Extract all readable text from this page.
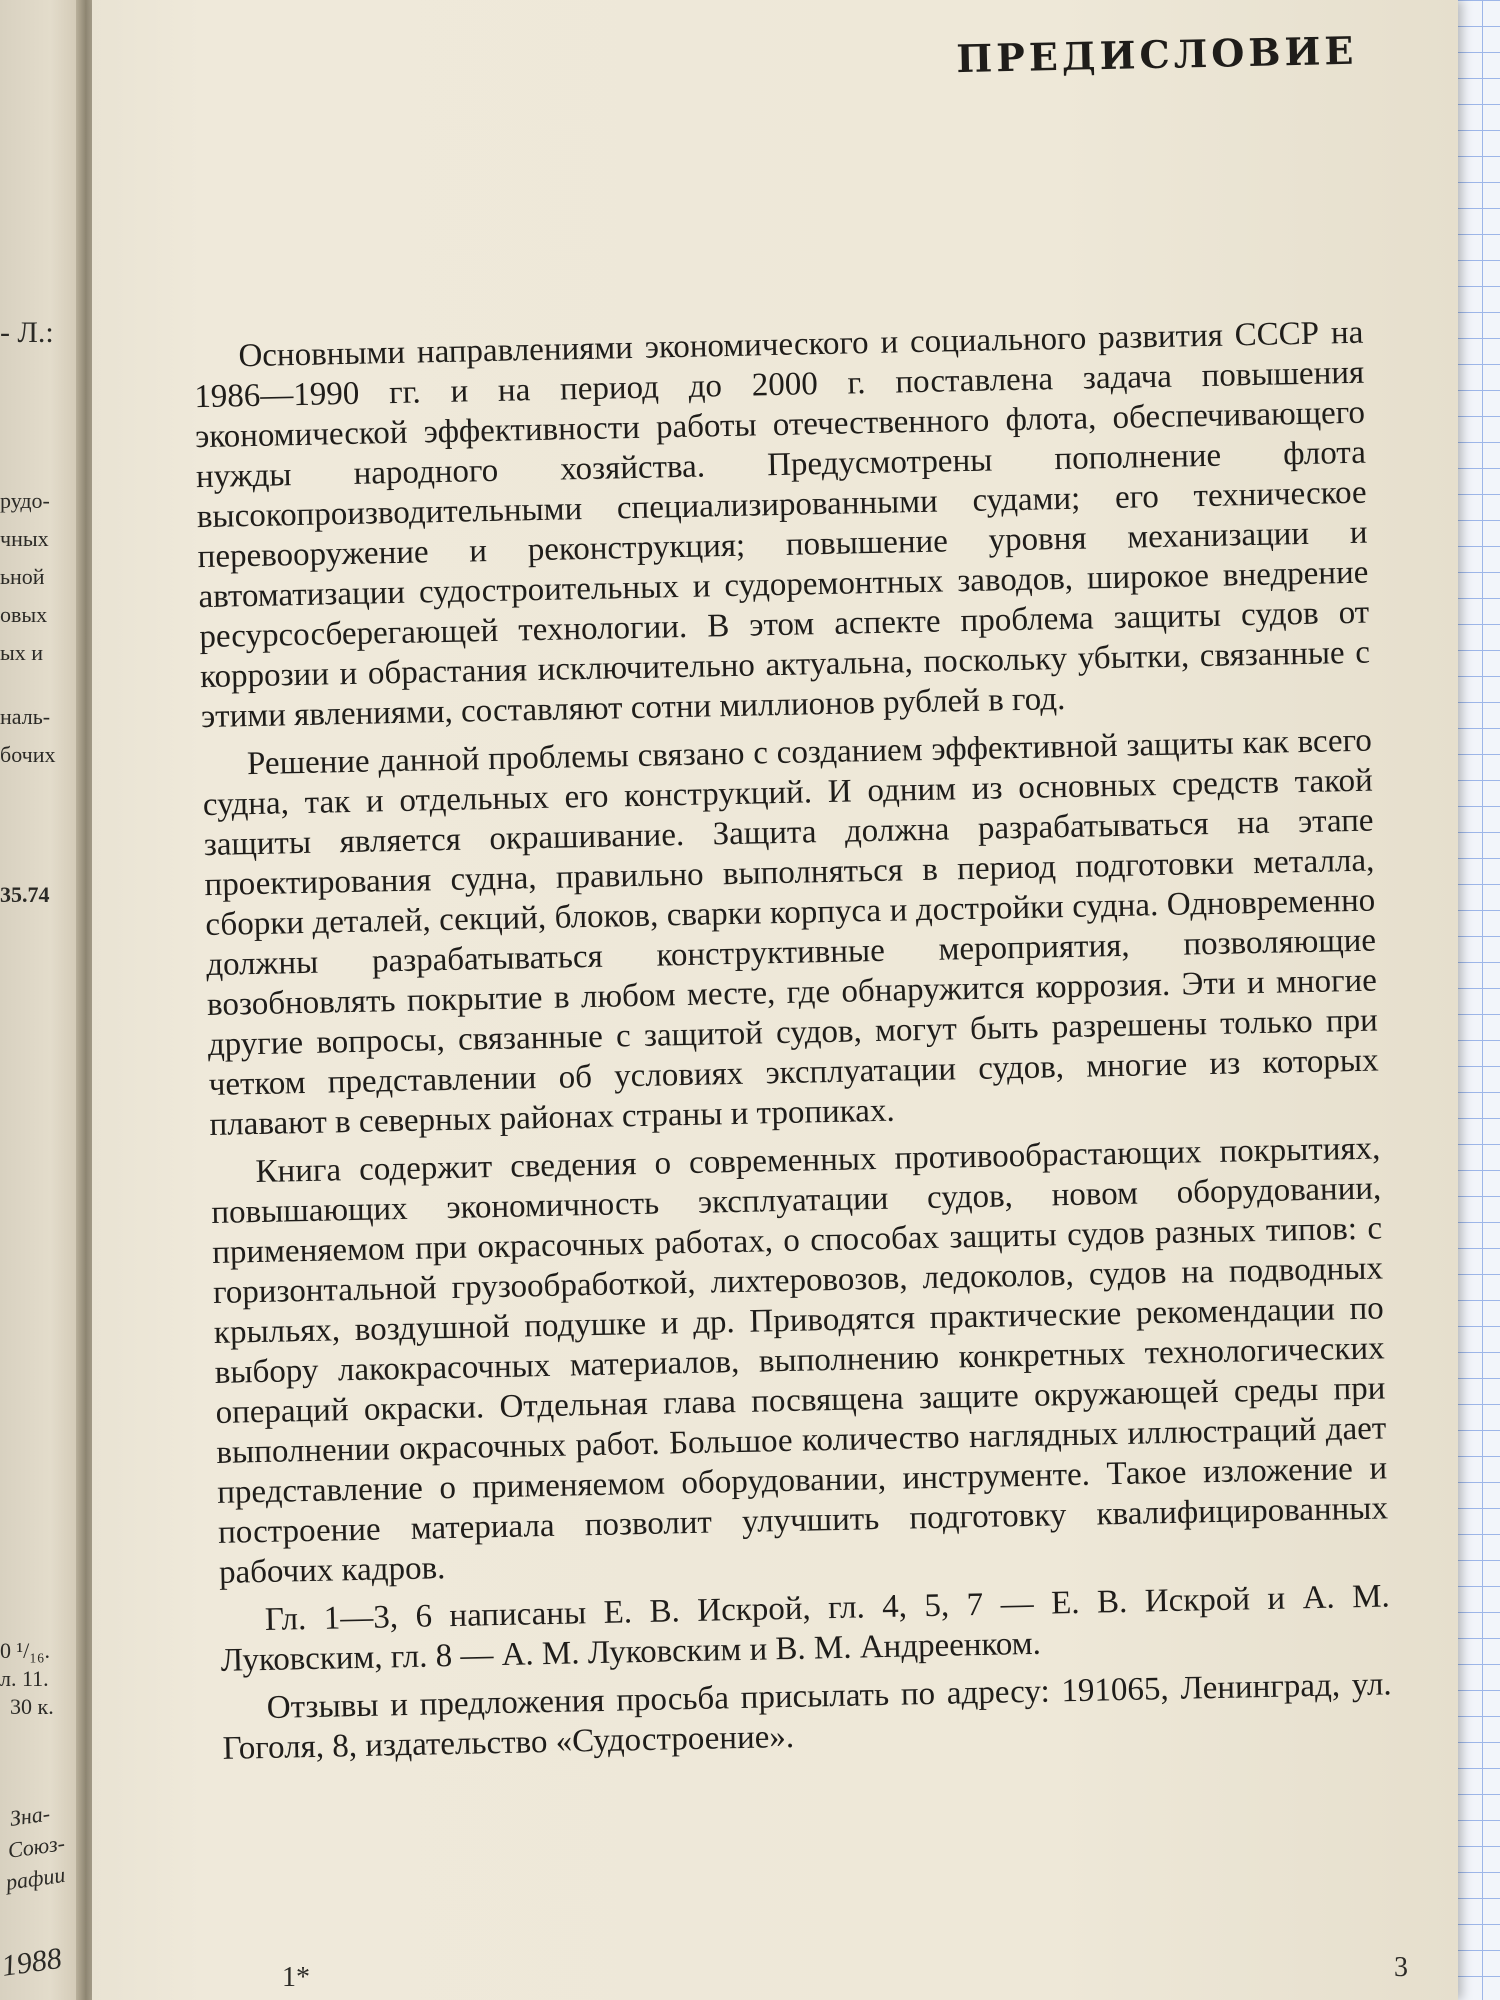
- Л.:
рудо-
чных
ьной
овых
ых и
наль-
бочих
35.74
0 ¹/₁₆.
л. 11.
30 к.
Зна-
Союз-
рафии
1988
ПРЕДИСЛОВИЕ

Основными направлениями экономического и социального развития СССР на 1986—1990 гг. и на период до 2000 г. поставлена задача повышения экономической эффективности работы отечественного флота, обеспечивающего нужды народного хозяйства. Предусмотрены пополнение флота высокопроизводительными специализированными судами; его техническое перевооружение и реконструкция; повышение уровня механизации и автоматизации судостроительных и судоремонтных заводов, широкое внедрение ресурсосберегающей технологии. В этом аспекте проблема защиты судов от коррозии и обрастания исключительно актуальна, поскольку убытки, связанные с этими явлениями, составляют сотни миллионов рублей в год.

Решение данной проблемы связано с созданием эффективной защиты как всего судна, так и отдельных его конструкций. И одним из основных средств такой защиты является окрашивание. Защита должна разрабатываться на этапе проектирования судна, правильно выполняться в период подготовки металла, сборки деталей, секций, блоков, сварки корпуса и достройки судна. Одновременно должны разрабатываться конструктивные мероприятия, позволяющие возобновлять покрытие в любом месте, где обнаружится коррозия. Эти и многие другие вопросы, связанные с защитой судов, могут быть разрешены только при четком представлении об условиях эксплуатации судов, многие из которых плавают в северных районах страны и тропиках.

Книга содержит сведения о современных противообрастающих покрытиях, повышающих экономичность эксплуатации судов, новом оборудовании, применяемом при окрасочных работах, о способах защиты судов разных типов: с горизонтальной грузообработкой, лихтеровозов, ледоколов, судов на подводных крыльях, воздушной подушке и др. Приводятся практические рекомендации по выбору лакокрасочных материалов, выполнению конкретных технологических операций окраски. Отдельная глава посвящена защите окружающей среды при выполнении окрасочных работ. Большое количество наглядных иллюстраций дает представление о применяемом оборудовании, инструменте. Такое изложение и построение материала позволит улучшить подготовку квалифицированных рабочих кадров.

Гл. 1—3, 6 написаны Е. В. Искрой, гл. 4, 5, 7 — Е. В. Искрой и А. М. Луковским, гл. 8 — А. М. Луковским и В. М. Андреенком.

Отзывы и предложения просьба присылать по адресу: 191065, Ленинград, ул. Гоголя, 8, издательство «Судостроение».

1*	3
